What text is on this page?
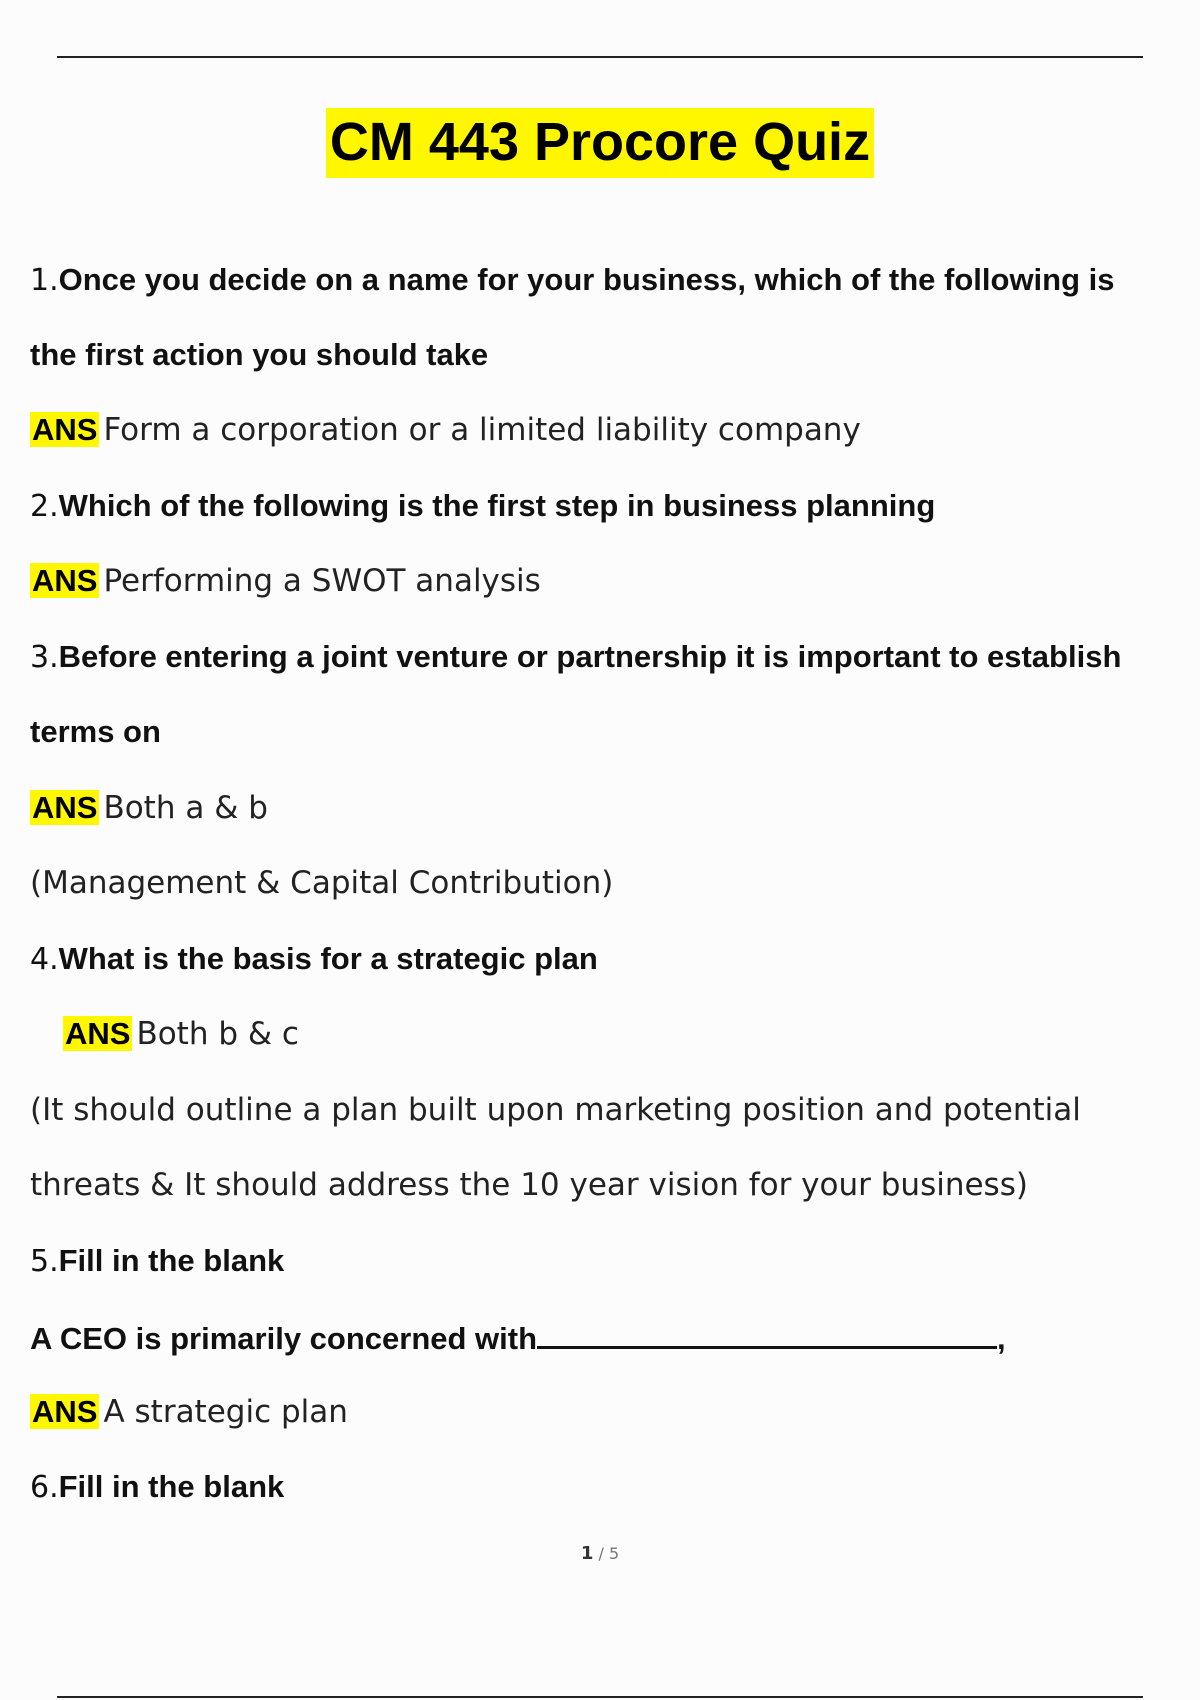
CM 443 Procore Quiz
1.Once you decide on a name for your business, which of the following is
the first action you should take
ANS Form a corporation or a limited liability company
2.Which of the following is the first step in business planning
ANS Performing a SWOT analysis
3.Before entering a joint venture or partnership it is important to establish
terms on
ANS Both a & b
(Management & Capital Contribution)
4.What is the basis for a strategic plan
ANS Both b & c
(It should outline a plan built upon marketing position and potential
threats & It should address the 10 year vision for your business)
5.Fill in the blank
A CEO is primarily concerned with	,
ANS A strategic plan
6.Fill in the blank
1 / 5
